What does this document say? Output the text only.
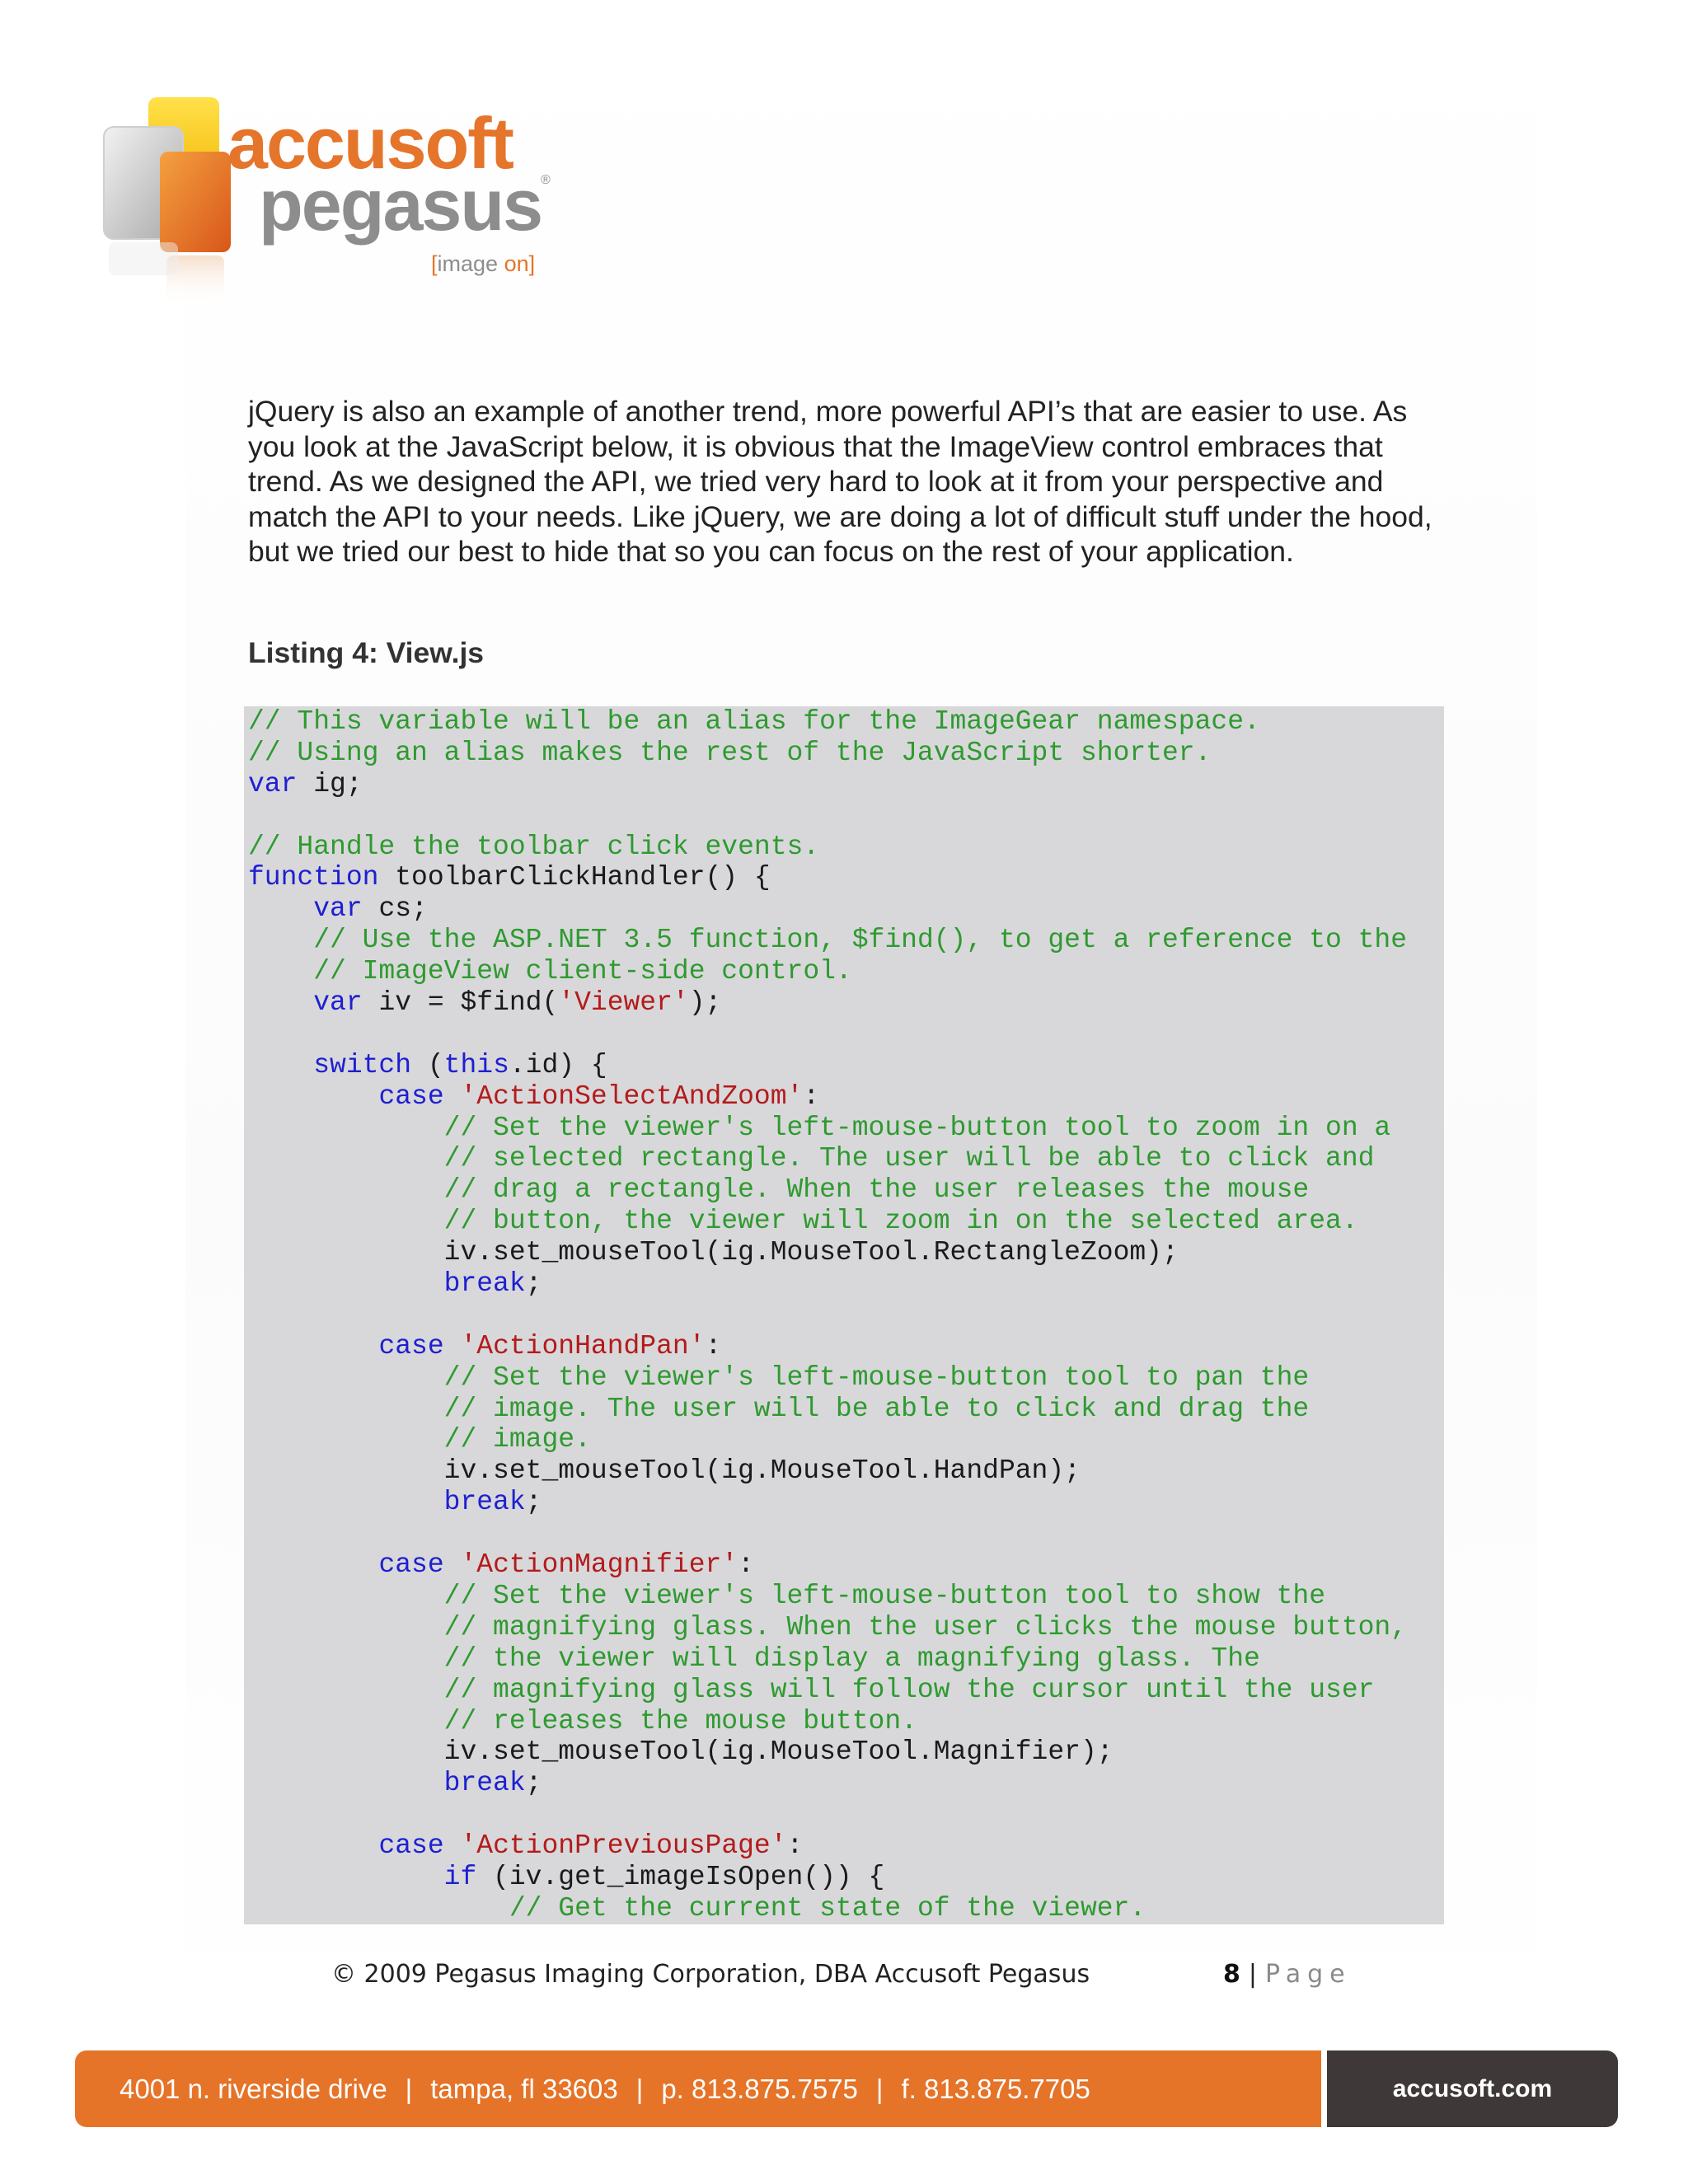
accusoft
pegasus
®
[image on]

jQuery is also an example of another trend, more powerful API’s that are easier to use. As you look at the JavaScript below, it is obvious that the ImageView control embraces that trend. As we designed the API, we tried very hard to look at it from your perspective and match the API to your needs. Like jQuery, we are doing a lot of difficult stuff under the hood, but we tried our best to hide that so you can focus on the rest of your application.

Listing 4: View.js
// This variable will be an alias for the ImageGear namespace.
// Using an alias makes the rest of the JavaScript shorter.
var ig;
// Handle the toolbar click events.
function toolbarClickHandler() {
var cs;
// Use the ASP.NET 3.5 function, $find(), to get a reference to the
// ImageView client-side control.
var iv = $find('Viewer');
switch (this.id) {
case 'ActionSelectAndZoom':
// Set the viewer's left-mouse-button tool to zoom in on a
// selected rectangle. The user will be able to click and
// drag a rectangle. When the user releases the mouse
// button, the viewer will zoom in on the selected area.
iv.set_mouseTool(ig.MouseTool.RectangleZoom);
break;
case 'ActionHandPan':
// Set the viewer's left-mouse-button tool to pan the
// image. The user will be able to click and drag the
// image.
iv.set_mouseTool(ig.MouseTool.HandPan);
break;
case 'ActionMagnifier':
// Set the viewer's left-mouse-button tool to show the
// magnifying glass. When the user clicks the mouse button,
// the viewer will display a magnifying glass. The
// magnifying glass will follow the cursor until the user
// releases the mouse button.
iv.set_mouseTool(ig.MouseTool.Magnifier);
break;
case 'ActionPreviousPage':
if (iv.get_imageIsOpen()) {
// Get the current state of the viewer.
© 2009 Pegasus Imaging Corporation, DBA Accusoft Pegasus	8 | Page
4001 n. riverside drive | tampa, fl 33603 | p. 813.875.7575 | f. 813.875.7705	accusoft.com
